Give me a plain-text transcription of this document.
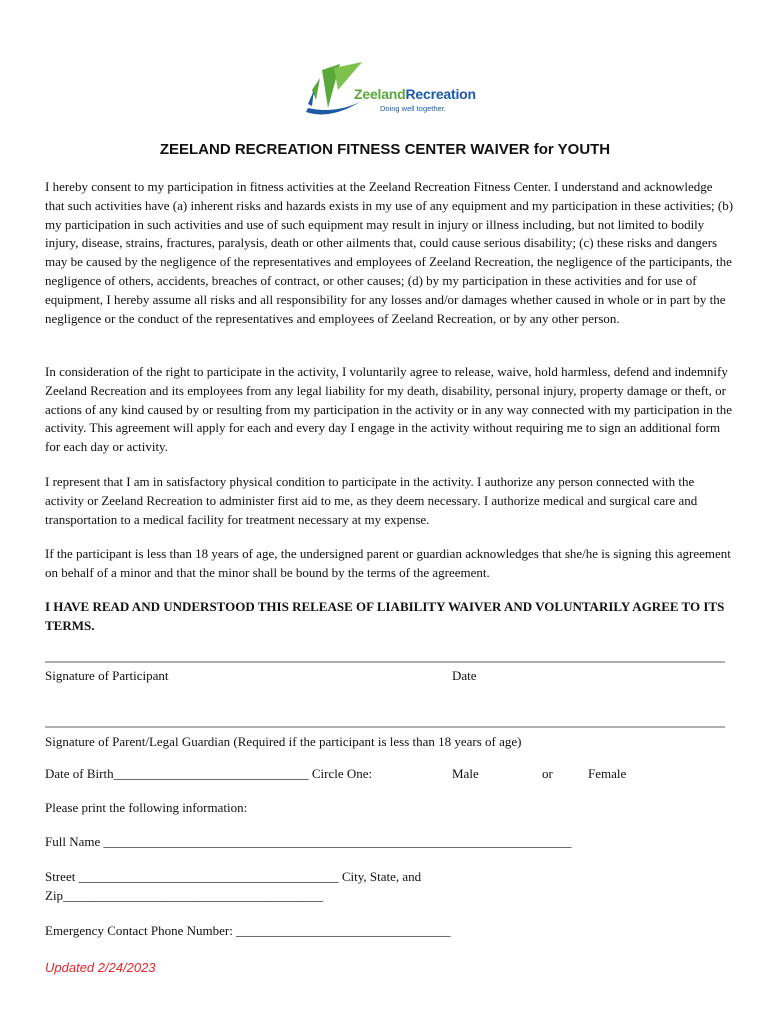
ZeelandRecreation
Doing well together.
ZEELAND RECREATION FITNESS CENTER WAIVER for YOUTH

I hereby consent to my participation in fitness activities at the Zeeland Recreation Fitness Center. I understand and acknowledge that such activities have (a) inherent risks and hazards exists in my use of any equipment and my participation in these activities; (b) my participation in such activities and use of such equipment may result in injury or illness including, but not limited to bodily injury, disease, strains, fractures, paralysis, death or other ailments that, could cause serious disability; (c) these risks and dangers may be caused by the negligence of the representatives and employees of Zeeland Recreation, the negligence of the participants, the negligence of others, accidents, breaches of contract, or other causes; (d) by my participation in these activities and for use of equipment, I hereby assume all risks and all responsibility for any losses and/or damages whether caused in whole or in part by the negligence or the conduct of the representatives and employees of Zeeland Recreation, or by any other person.

In consideration of the right to participate in the activity, I voluntarily agree to release, waive, hold harmless, defend and indemnify Zeeland Recreation and its employees from any legal liability for my death, disability, personal injury, property damage or theft, or actions of any kind caused by or resulting from my participation in the activity or in any way connected with my participation in the activity. This agreement will apply for each and every day I engage in the activity without requiring me to sign an additional form for each day or activity.

I represent that I am in satisfactory physical condition to participate in the activity. I authorize any person connected with the activity or Zeeland Recreation to administer first aid to me, as they deem necessary. I authorize medical and surgical care and transportation to a medical facility for treatment necessary at my expense.

If the participant is less than 18 years of age, the undersigned parent or guardian acknowledges that she/he is signing this agreement on behalf of a minor and that the minor shall be bound by the terms of the agreement.

I HAVE READ AND UNDERSTOOD THIS RELEASE OF LIABILITY WAIVER AND VOLUNTARILY AGREE TO ITS TERMS.

Signature of Participant	Date
Signature of Parent/Legal Guardian (Required if the participant is less than 18 years of age)
Date of Birth______________________________ Circle One:	Male	or	Female
Please print the following information:
Full Name ________________________________________________________________________
Street ________________________________________ City, State, and
Zip________________________________________
Emergency Contact Phone Number: _________________________________
Updated 2/24/2023
